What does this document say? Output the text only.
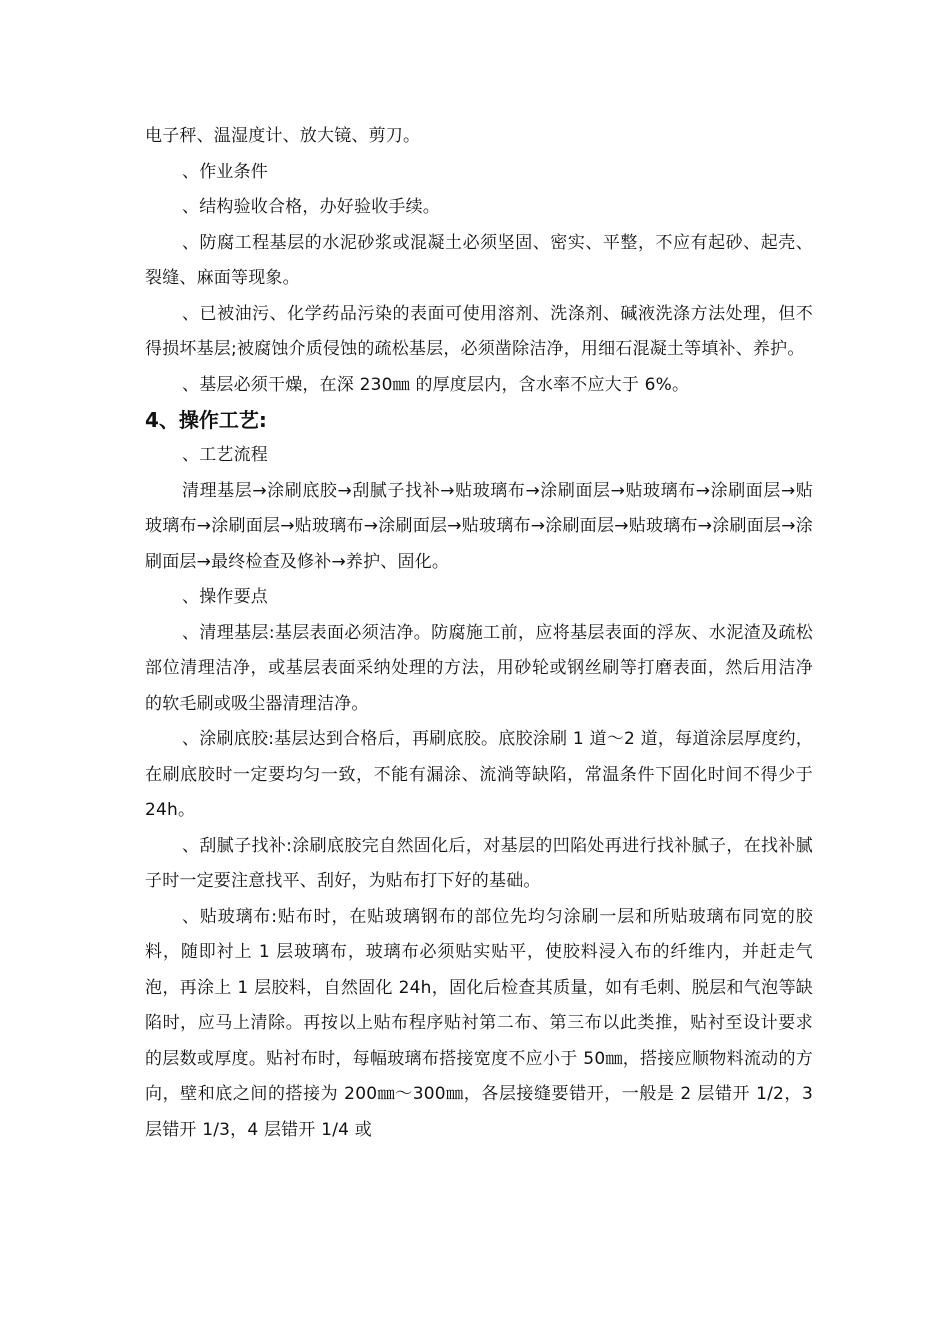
电子秤、温湿度计、放大镜、剪刀。

、作业条件

、结构验收合格，办好验收手续。

、防腐工程基层的水泥砂浆或混凝土必须坚固、密实、平整，不应有起砂、起壳、裂缝、麻面等现象。

、已被油污、化学药品污染的表面可使用溶剂、洗涤剂、碱液洗涤方法处理，但不得损坏基层;被腐蚀介质侵蚀的疏松基层，必须凿除洁净，用细石混凝土等填补、养护。

、基层必须干燥，在深 230㎜ 的厚度层内，含水率不应大于 6%。

4、操作工艺:

、工艺流程

清理基层→涂刷底胶→刮腻子找补→贴玻璃布→涂刷面层→贴玻璃布→涂刷面层→贴玻璃布→涂刷面层→贴玻璃布→涂刷面层→贴玻璃布→涂刷面层→贴玻璃布→涂刷面层→涂刷面层→最终检查及修补→养护、固化。

、操作要点

、清理基层:基层表面必须洁净。防腐施工前，应将基层表面的浮灰、水泥渣及疏松部位清理洁净，或基层表面采纳处理的方法，用砂轮或钢丝刷等打磨表面，然后用洁净的软毛刷或吸尘器清理洁净。

、涂刷底胶:基层达到合格后，再刷底胶。底胶涂刷 1 道～2 道，每道涂层厚度约，在刷底胶时一定要均匀一致，不能有漏涂、流淌等缺陷，常温条件下固化时间不得少于 24h。

、刮腻子找补:涂刷底胶完自然固化后，对基层的凹陷处再进行找补腻子，在找补腻子时一定要注意找平、刮好，为贴布打下好的基础。

、贴玻璃布:贴布时，在贴玻璃钢布的部位先均匀涂刷一层和所贴玻璃布同宽的胶料，随即衬上 1 层玻璃布，玻璃布必须贴实贴平，使胶料浸入布的纤维内，并赶走气泡，再涂上 1 层胶料，自然固化 24h，固化后检查其质量，如有毛刺、脱层和气泡等缺陷时，应马上清除。再按以上贴布程序贴衬第二布、第三布以此类推，贴衬至设计要求的层数或厚度。贴衬布时，每幅玻璃布搭接宽度不应小于 50㎜，搭接应顺物料流动的方向，壁和底之间的搭接为 200㎜～300㎜，各层接缝要错开，一般是 2 层错开 1/2，3 层错开 1/3，4 层错开 1/4 或
